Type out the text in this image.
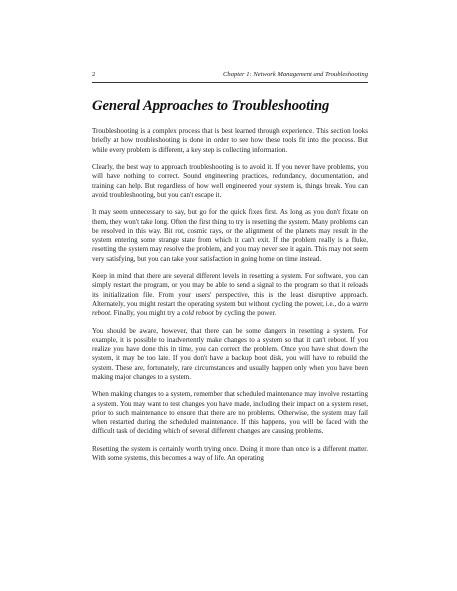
2	Chapter 1: Network Management and Troubleshooting
General Approaches to Troubleshooting

Troubleshooting is a complex process that is best learned through experience. This section looks briefly at how troubleshooting is done in order to see how these tools fit into the process. But while every problem is different, a key step is collecting information.

Clearly, the best way to approach troubleshooting is to avoid it. If you never have problems, you will have nothing to correct. Sound engineering practices, redundancy, documentation, and training can help. But regardless of how well engineered your system is, things break. You can avoid troubleshooting, but you can't escape it.

It may seem unnecessary to say, but go for the quick fixes first. As long as you don't fixate on them, they won't take long. Often the first thing to try is resetting the system. Many problems can be resolved in this way. Bit rot, cosmic rays, or the alignment of the planets may result in the system entering some strange state from which it can't exit. If the problem really is a fluke, resetting the system may resolve the problem, and you may never see it again. This may not seem very satisfying, but you can take your satisfaction in going home on time instead.

Keep in mind that there are several different levels in resetting a system. For software, you can simply restart the program, or you may be able to send a signal to the program so that it reloads its initialization file. From your users' perspective, this is the least disruptive approach. Alternately, you might restart the operating system but without cycling the power, i.e., do a warm reboot. Finally, you might try a cold reboot by cycling the power.

You should be aware, however, that there can be some dangers in resetting a system. For example, it is possible to inadvertently make changes to a system so that it can't reboot. If you realize you have done this in time, you can correct the problem. Once you have shut down the system, it may be too late. If you don't have a backup boot disk, you will have to rebuild the system. These are, fortunately, rare circumstances and usually happen only when you have been making major changes to a system.

When making changes to a system, remember that scheduled maintenance may involve restarting a system. You may want to test changes you have made, including their impact on a system reset, prior to such maintenance to ensure that there are no problems. Otherwise, the system may fail when restarted during the scheduled maintenance. If this happens, you will be faced with the difficult task of deciding which of several different changes are causing problems.

Resetting the system is certainly worth trying once. Doing it more than once is a different matter. With some systems, this becomes a way of life. An operating
